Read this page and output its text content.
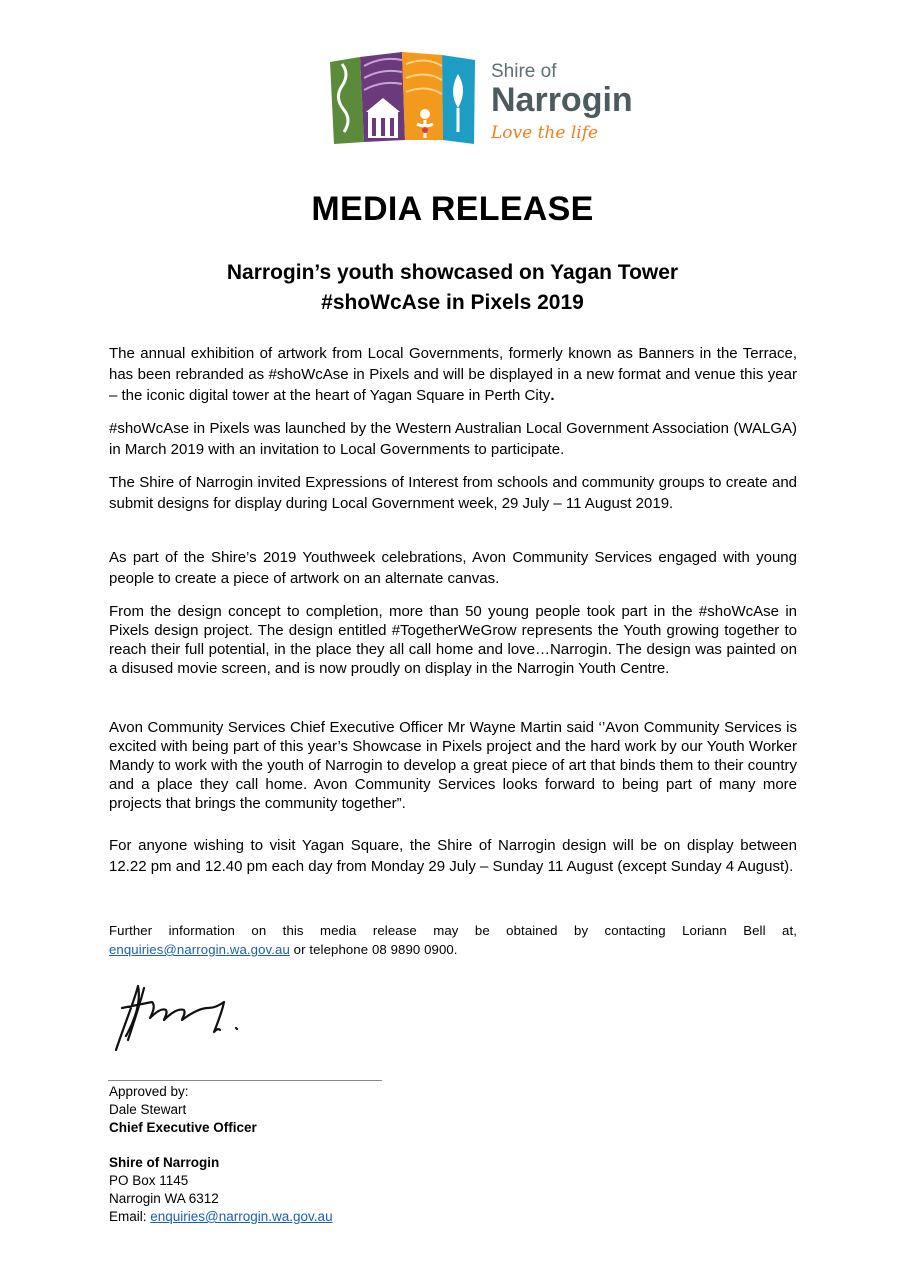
Shire of
Narrogin
Love the life
MEDIA RELEASE
Narrogin’s youth showcased on Yagan Tower
#shoWcAse in Pixels 2019

The annual exhibition of artwork from Local Governments, formerly known as Banners in the Terrace, has been rebranded as #shoWcAse in Pixels and will be displayed in a new format and venue this year – the iconic digital tower at the heart of Yagan Square in Perth City.

#shoWcAse in Pixels was launched by the Western Australian Local Government Association (WALGA) in March 2019 with an invitation to Local Governments to participate.

The Shire of Narrogin invited Expressions of Interest from schools and community groups to create and submit designs for display during Local Government week, 29 July – 11 August 2019.

As part of the Shire’s 2019 Youthweek celebrations, Avon Community Services engaged with young people to create a piece of artwork on an alternate canvas.

From the design concept to completion, more than 50 young people took part in the #shoWcAse in Pixels design project. The design entitled #TogetherWeGrow represents the Youth growing together to reach their full potential, in the place they all call home and love…Narrogin. The design was painted on a disused movie screen, and is now proudly on display in the Narrogin Youth Centre.

Avon Community Services Chief Executive Officer Mr Wayne Martin said ‘’Avon Community Services is excited with being part of this year’s Showcase in Pixels project and the hard work by our Youth Worker Mandy to work with the youth of Narrogin to develop a great piece of art that binds them to their country and a place they call home. Avon Community Services looks forward to being part of many more projects that brings the community together”.

For anyone wishing to visit Yagan Square, the Shire of Narrogin design will be on display between 12.22 pm and 12.40 pm each day from Monday 29 July – Sunday 11 August (except Sunday 4 August).

Further information on this media release may be obtained by contacting Loriann Bell at, enquiries@narrogin.wa.gov.au or telephone 08 9890 0900.

Approved by:
Dale Stewart
Chief Executive Officer
Shire of Narrogin
PO Box 1145
Narrogin WA 6312
Email: enquiries@narrogin.wa.gov.au
